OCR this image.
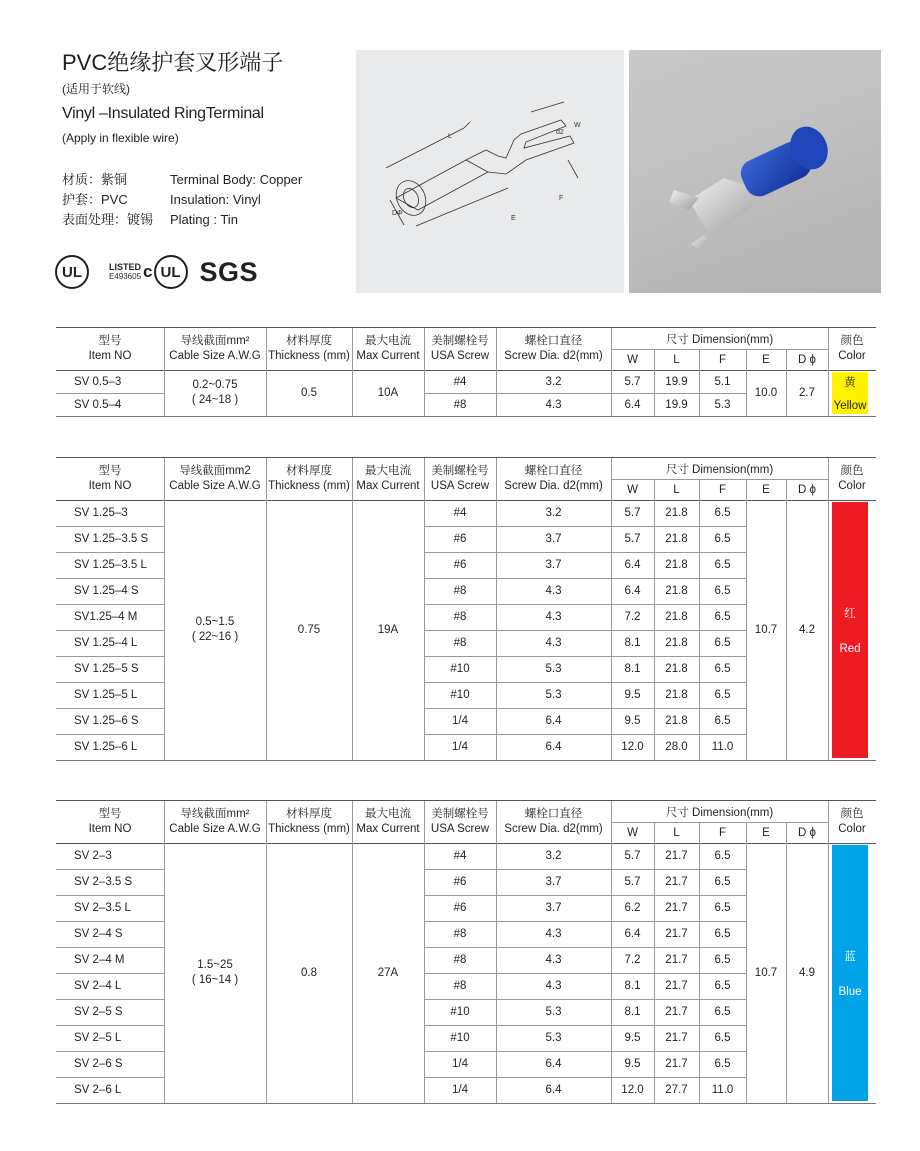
PVC绝缘护套叉形端子
(适用于软线)
Vinyl –Insulated RingTerminal
(Apply in flexible wire)
材质：紫铜	Terminal Body: Copper
护套：PVC	Insulation: Vinyl
表面处理：镀锡	Plating : Tin
UL	LISTED
E493605 c UL SGS
L
W
d2
F
E
DΦ
型号
Item NO
导线截面mm²
Cable Size A.W.G
材料厚度
Thickness (mm)
最大电流
Max Current
美制螺栓号
USA Screw
螺栓口直径
Screw Dia. d2(mm)
颜色
Color
尺寸 Dimension(mm)
W	L	F	E	D ϕ
SV 0.5–3	#4	3.2	5.7	19.9	5.1
SV 0.5–4	#8	4.3	6.4	19.9	5.3
0.2~0.75
( 24~18 )
0.5	10A	10.0	2.7
黄
Yellow
型号
Item NO
导线截面mm2
Cable Size A.W.G
材料厚度
Thickness (mm)
最大电流
Max Current
美制螺栓号
USA Screw
螺栓口直径
Screw Dia. d2(mm)
颜色
Color
尺寸 Dimension(mm)
W	L	F	E	D ϕ
SV 1.25–3	#4	3.2	5.7	21.8	6.5
SV 1.25–3.5 S	#6	3.7	5.7	21.8	6.5
SV 1.25–3.5 L	#6	3.7	6.4	21.8	6.5
SV 1.25–4 S	#8	4.3	6.4	21.8	6.5
SV1.25–4 M	#8	4.3	7.2	21.8	6.5
SV 1.25–4 L	#8	4.3	8.1	21.8	6.5
SV 1.25–5 S	#10	5.3	8.1	21.8	6.5
SV 1.25–5 L	#10	5.3	9.5	21.8	6.5
SV 1.25–6 S	1/4	6.4	9.5	21.8	6.5
SV 1.25–6 L	1/4	6.4	12.0	28.0	11.0
0.5~1.5
( 22~16 )
0.75	19A	10.7	4.2
红
Red
型号
Item NO
导线截面mm²
Cable Size A.W.G
材料厚度
Thickness (mm)
最大电流
Max Current
美制螺栓号
USA Screw
螺栓口直径
Screw Dia. d2(mm)
颜色
Color
尺寸 Dimension(mm)
W	L	F	E	D ϕ
SV 2–3	#4	3.2	5.7	21.7	6.5
SV 2–3.5 S	#6	3.7	5.7	21.7	6.5
SV 2–3.5 L	#6	3.7	6.2	21.7	6.5
SV 2–4 S	#8	4.3	6.4	21.7	6.5
SV 2–4 M	#8	4.3	7.2	21.7	6.5
SV 2–4 L	#8	4.3	8.1	21.7	6.5
SV 2–5 S	#10	5.3	8.1	21.7	6.5
SV 2–5 L	#10	5.3	9.5	21.7	6.5
SV 2–6 S	1/4	6.4	9.5	21.7	6.5
SV 2–6 L	1/4	6.4	12.0	27.7	11.0
1.5~25
( 16~14 )
0.8	27A	10.7	4.9
蓝
Blue
